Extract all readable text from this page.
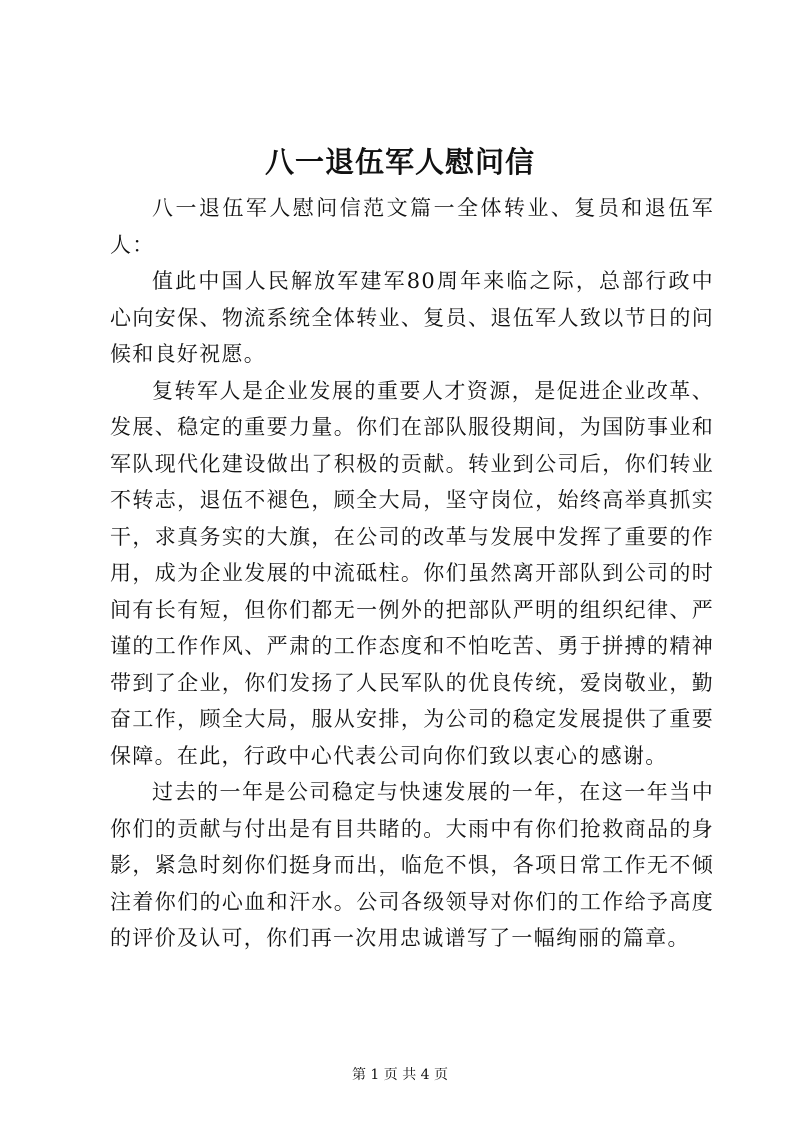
八一退伍军人慰问信

八一退伍军人慰问信范文篇一全体转业、复员和退伍军人：

值此中国人民解放军建军80周年来临之际，总部行政中心向安保、物流系统全体转业、复员、退伍军人致以节日的问候和良好祝愿。

复转军人是企业发展的重要人才资源，是促进企业改革、发展、稳定的重要力量。你们在部队服役期间，为国防事业和军队现代化建设做出了积极的贡献。转业到公司后，你们转业不转志，退伍不褪色，顾全大局，坚守岗位，始终高举真抓实干，求真务实的大旗，在公司的改革与发展中发挥了重要的作用，成为企业发展的中流砥柱。你们虽然离开部队到公司的时间有长有短，但你们都无一例外的把部队严明的组织纪律、严谨的工作作风、严肃的工作态度和不怕吃苦、勇于拼搏的精神带到了企业，你们发扬了人民军队的优良传统，爱岗敬业，勤奋工作，顾全大局，服从安排，为公司的稳定发展提供了重要保障。在此，行政中心代表公司向你们致以衷心的感谢。

过去的一年是公司稳定与快速发展的一年，在这一年当中你们的贡献与付出是有目共睹的。大雨中有你们抢救商品的身影，紧急时刻你们挺身而出，临危不惧，各项日常工作无不倾注着你们的心血和汗水。公司各级领导对你们的工作给予高度的评价及认可，你们再一次用忠诚谱写了一幅绚丽的篇章。

第 1 页 共 4 页
